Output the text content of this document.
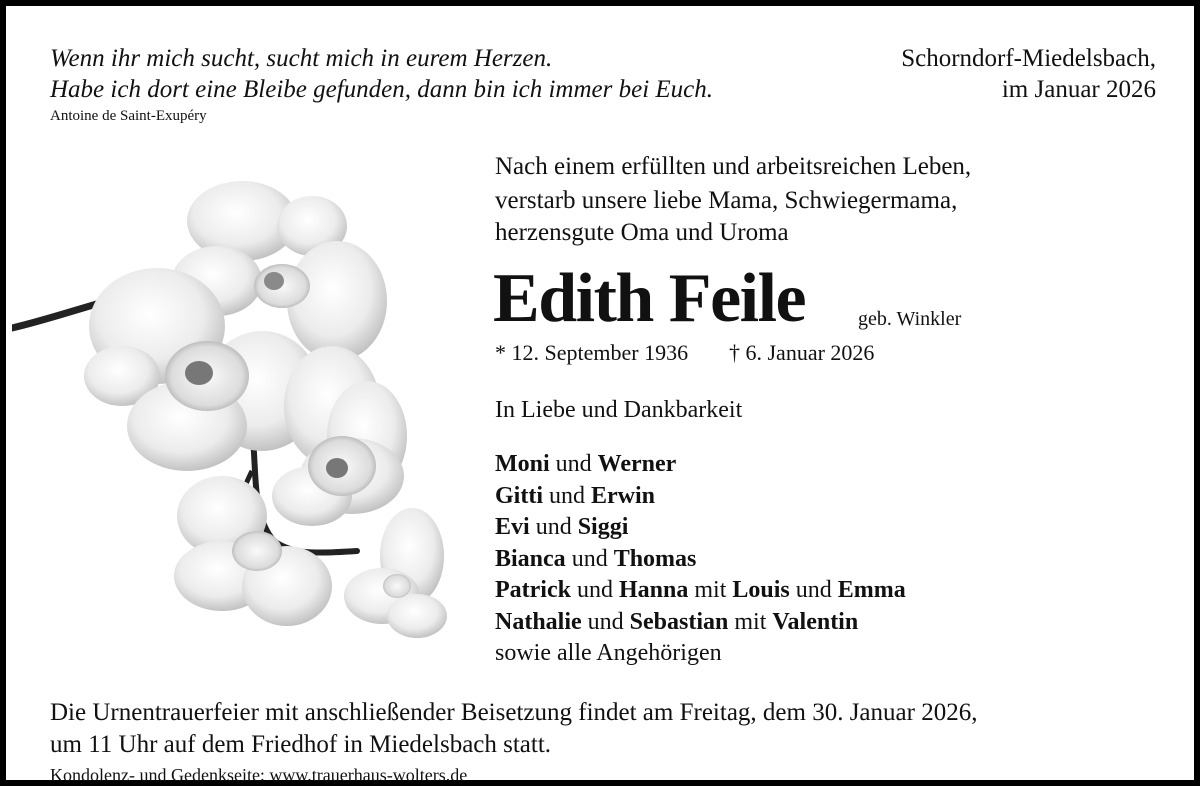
Wenn ihr mich sucht, sucht mich in eurem Herzen.
Habe ich dort eine Bleibe gefunden, dann bin ich immer bei Euch.
Antoine de Saint-Exupéry
Schorndorf-Miedelsbach,
im Januar 2026
Nach einem erfüllten und arbeitsreichen Leben,
verstarb unsere liebe Mama, Schwiegermama,
herzensgute Oma und Uroma
Edith Feile	geb. Winkler
* 12. September 1936 † 6. Januar 2026
In Liebe und Dankbarkeit
Moni und Werner
Gitti und Erwin
Evi und Siggi
Bianca und Thomas
Patrick und Hanna mit Louis und Emma
Nathalie und Sebastian mit Valentin
sowie alle Angehörigen
Die Urnentrauerfeier mit anschließender Beisetzung findet am Freitag, dem 30. Januar 2026,
um 11 Uhr auf dem Friedhof in Miedelsbach statt.
Kondolenz- und Gedenkseite: www.trauerhaus-wolters.de
